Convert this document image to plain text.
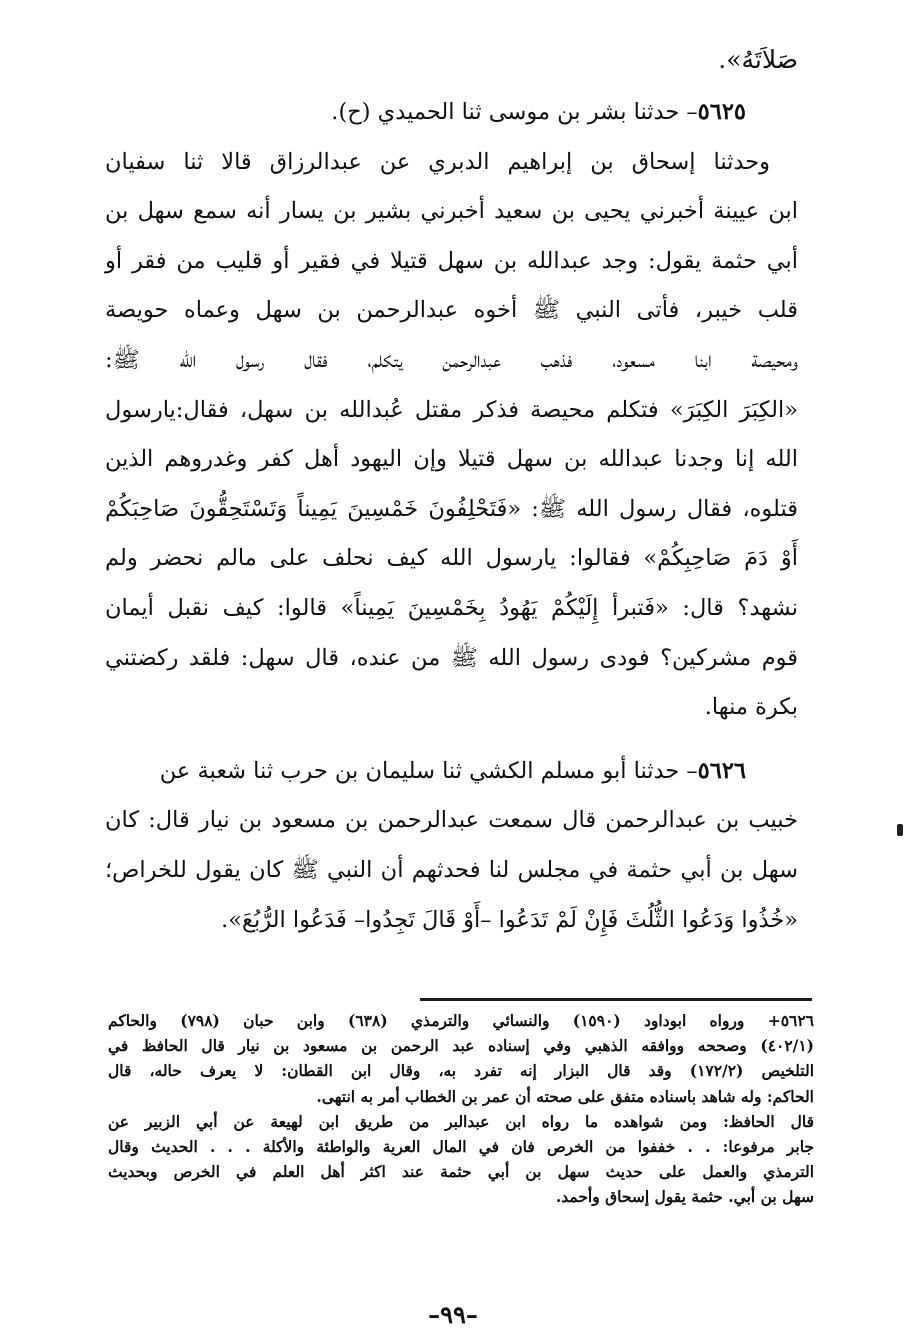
صَلاَتَهُ».
٥٦٢٥– حدثنا بشر بن موسى ثنا الحميدي (ح).
وحدثنا إسحاق بن إبراهيم الدبري عن عبدالرزاق قالا ثنا سفيان
ابن عيينة أخبرني يحيى بن سعيد أخبرني بشير بن يسار أنه سمع سهل بن
أبي حثمة يقول: وجد عبدالله بن سهل قتيلا في فقير أو قليب من فقر أو
قلب خيبر، فأتى النبي ﷺ أخوه عبدالرحمن بن سهل وعماه حويصة
ومحيصة ابنا مسعود، فذهب عبدالرحمن يتكلم، فقال رسول الله ﷺ:
«الكِبَرَ الكِبَرَ» فتكلم محيصة فذكر مقتل عُبدالله بن سهل، فقال:يارسول
الله إنا وجدنا عبدالله بن سهل قتيلا وإن اليهود أهل كفر وغدروهم الذين
قتلوه، فقال رسول الله ﷺ: «فَتَحْلِفُونَ خَمْسِينَ يَمِيناً وَتَسْتَحِقُّونَ صَاحِبَكُمْ
أَوْ دَمَ صَاحِبِكُمْ» فقالوا: يارسول الله كيف نحلف على مالم نحضر ولم
نشهد؟ قال: «فَتبرأ إِلَيْكُمْ يَهُودُ بِخَمْسِينَ يَمِيناً» قالوا: كيف نقبل أيمان
قوم مشركين؟ فودى رسول الله ﷺ من عنده، قال سهل: فلقد ركضتني
بكرة منها.
٥٦٢٦– حدثنا أبو مسلم الكشي ثنا سليمان بن حرب ثنا شعبة عن
خبيب بن عبدالرحمن قال سمعت عبدالرحمن بن مسعود بن نيار قال: كان
سهل بن أبي حثمة في مجلس لنا فحدثهم أن النبي ﷺ كان يقول للخراص؛
«خُذُوا وَدَعُوا الثُّلُثَ فَإِنْ لَمْ تَدَعُوا –أَوْ قَالَ تَجِدُوا– فَدَعُوا الرُّبُعَ».
٥٦٢٦+ ورواه ابوداود (١٥٩٠) والنسائي والترمذي (٦٣٨) وابن حبان (٧٩٨) والحاكم
(٤٠٢/١) وصححه ووافقه الذهبي وفي إسناده عبد الرحمن بن مسعود بن نيار قال الحافظ في
التلخيص (١٧٢/٢) وقد قال البزار إنه تفرد به، وقال ابن القطان: لا يعرف حاله، قال
الحاكم: وله شاهد باسناده متفق على صحته أن عمر بن الخطاب أمر به انتهى.
قال الحافظ: ومن شواهده ما رواه ابن عبدالبر من طريق ابن لهيعة عن أبي الزبير عن
جابر مرفوعا: . . خففوا من الخرص فان في المال العرية والواطئة والأكلة . . . الحديث وقال
الترمذي والعمل على حديث سهل بن أبي حثمة عند اكثر أهل العلم في الخرص وبحديث
سهل بن أبي. حثمة يقول إسحاق وأحمد.
–٩٩–
